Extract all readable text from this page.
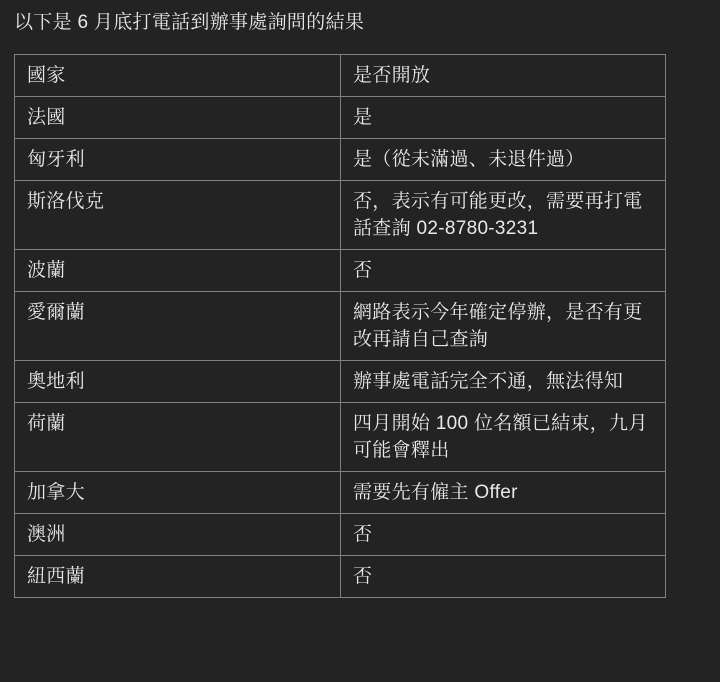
以下是 6 月底打電話到辦事處詢問的結果

國家	是否開放
法國	是
匈牙利	是（從未滿過、未退件過）
斯洛伐克	否，表示有可能更改，需要再打電話查詢 02-8780-3231
波蘭	否
愛爾蘭	網路表示今年確定停辦，是否有更改再請自己查詢
奧地利	辦事處電話完全不通，無法得知
荷蘭	四月開始 100 位名額已結束，九月可能會釋出
加拿大	需要先有僱主 Offer
澳洲	否
紐西蘭	否
